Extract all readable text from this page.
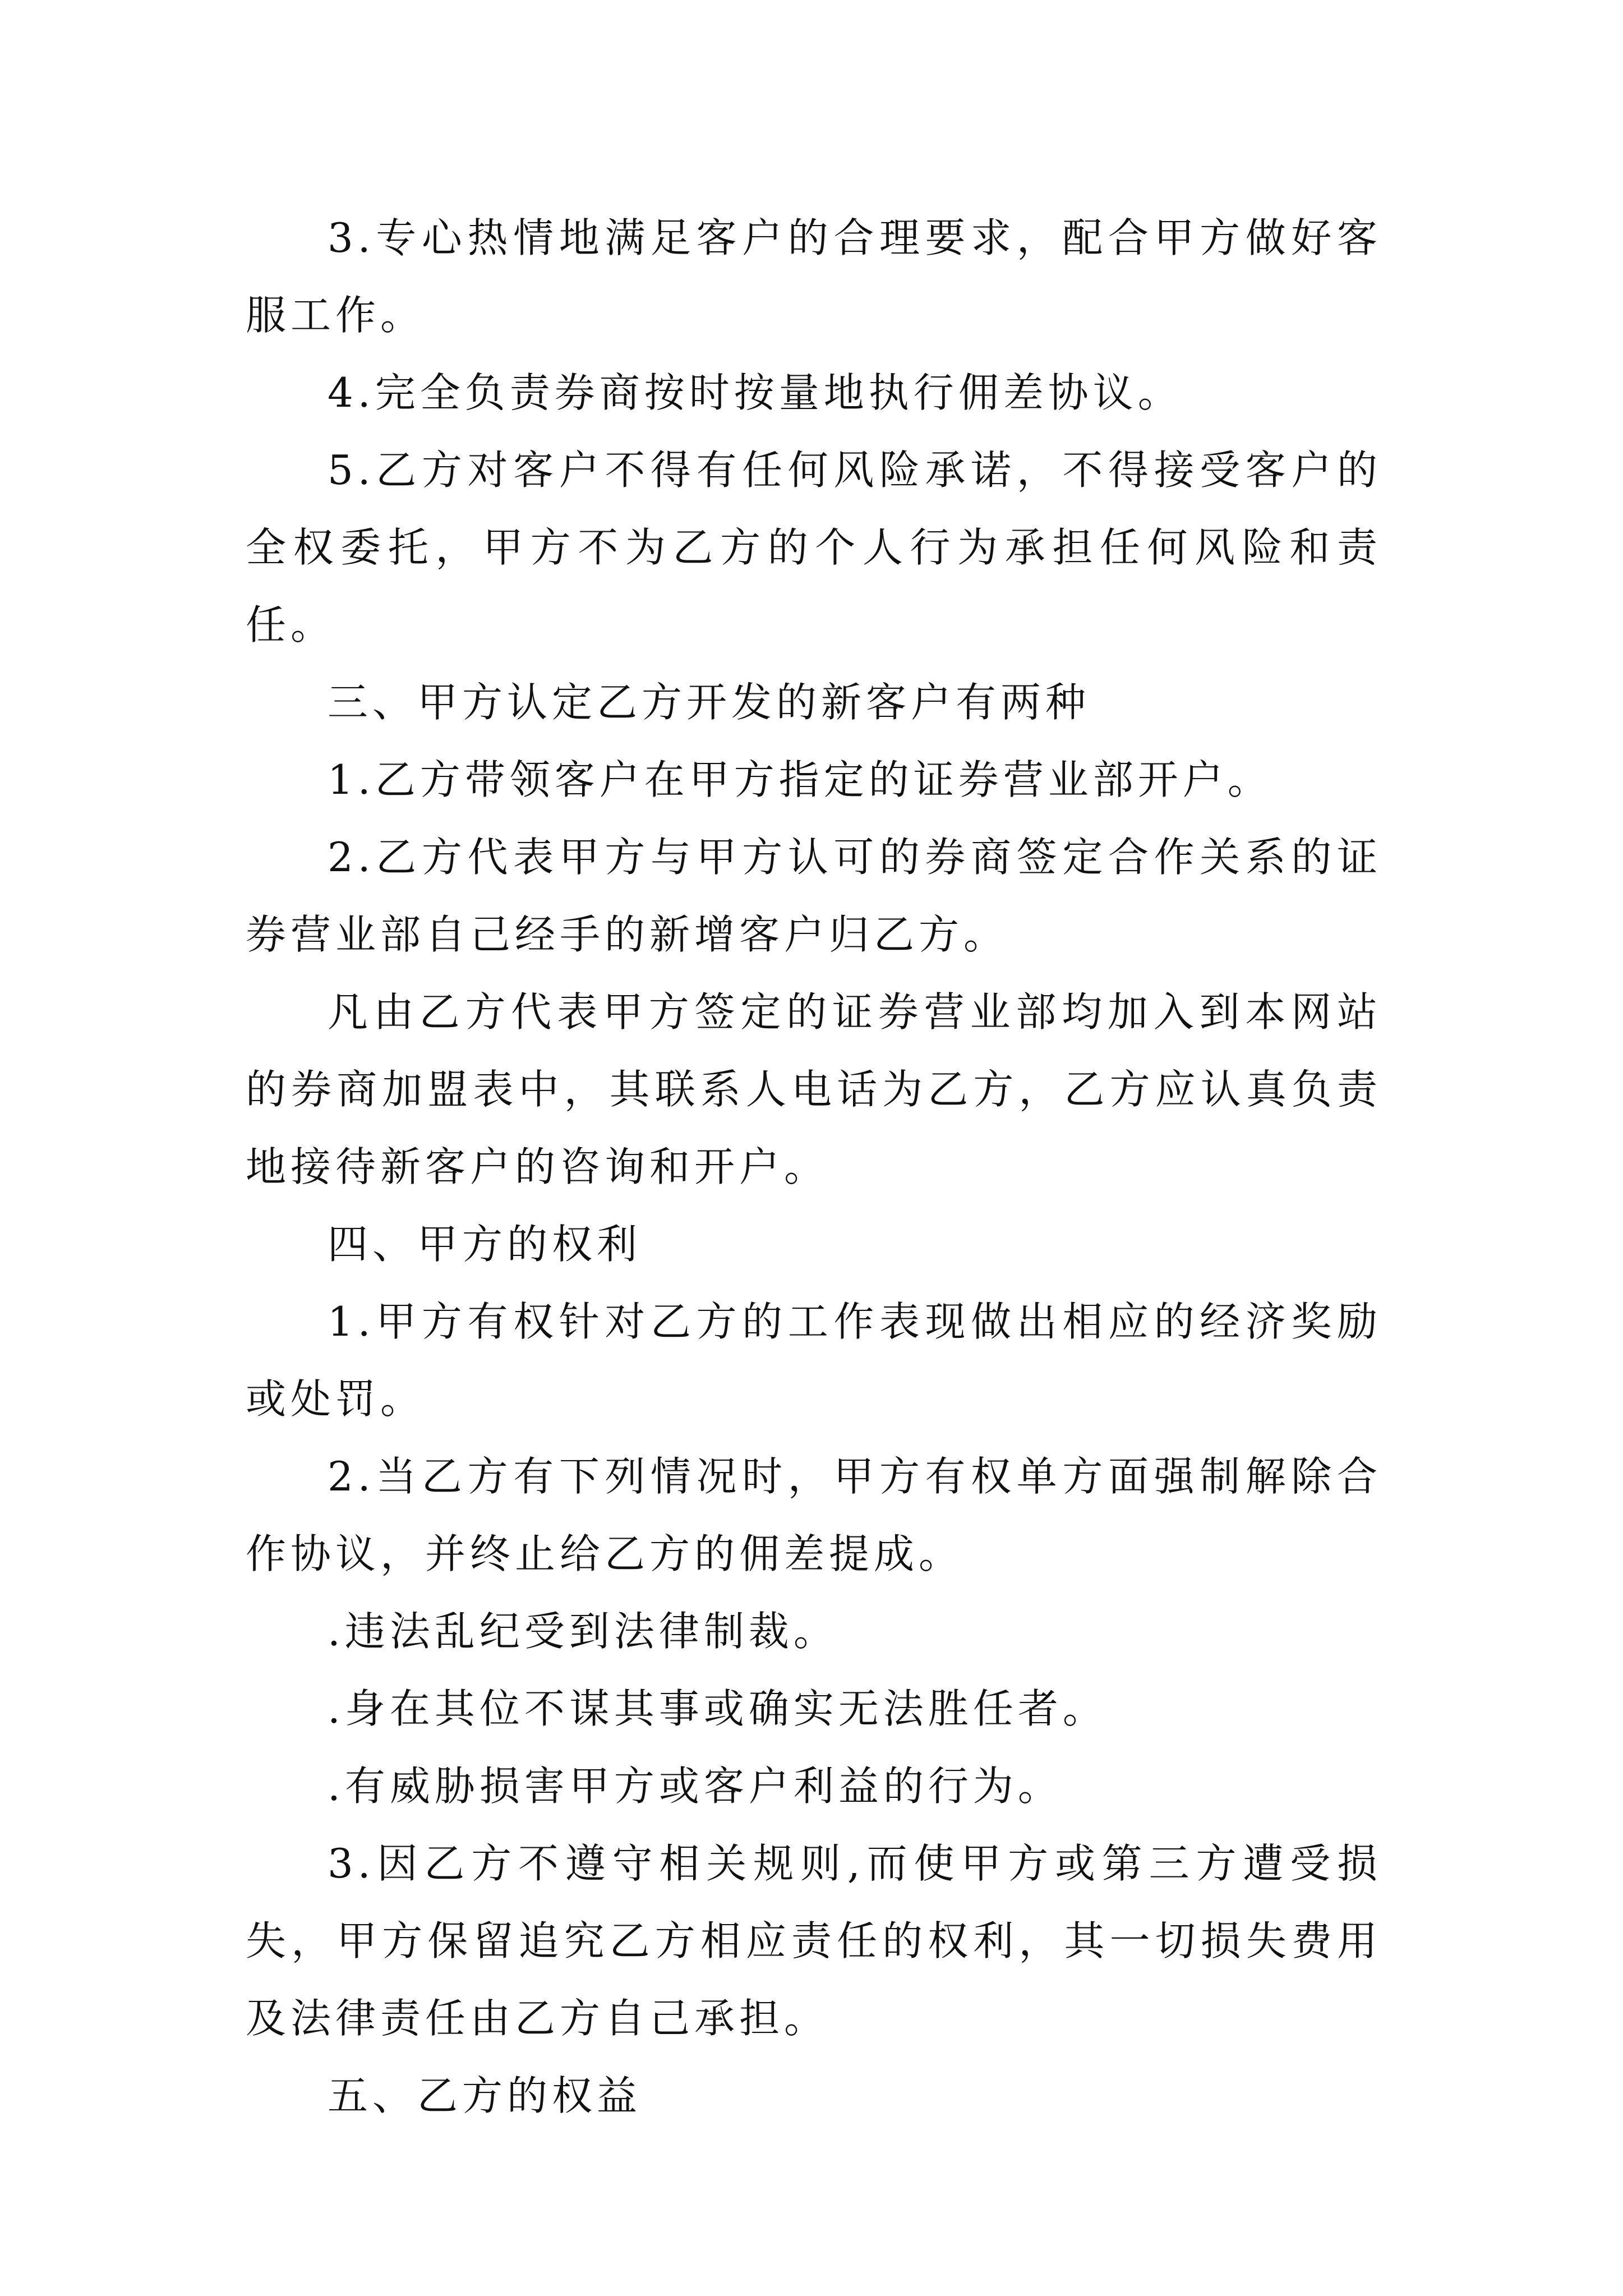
3.专心热情地满足客户的合理要求，配合甲方做好客服工作。

4.完全负责券商按时按量地执行佣差协议。

5.乙方对客户不得有任何风险承诺，不得接受客户的全权委托，甲方不为乙方的个人行为承担任何风险和责任。

三、甲方认定乙方开发的新客户有两种

1.乙方带领客户在甲方指定的证券营业部开户。

2.乙方代表甲方与甲方认可的券商签定合作关系的证券营业部自己经手的新增客户归乙方。

凡由乙方代表甲方签定的证券营业部均加入到本网站的券商加盟表中，其联系人电话为乙方，乙方应认真负责地接待新客户的咨询和开户。

四、甲方的权利

1.甲方有权针对乙方的工作表现做出相应的经济奖励或处罚。

2.当乙方有下列情况时，甲方有权单方面强制解除合作协议，并终止给乙方的佣差提成。

.违法乱纪受到法律制裁。

.身在其位不谋其事或确实无法胜任者。

.有威胁损害甲方或客户利益的行为。

3.因乙方不遵守相关规则,而使甲方或第三方遭受损失，甲方保留追究乙方相应责任的权利，其一切损失费用及法律责任由乙方自己承担。

五、乙方的权益
